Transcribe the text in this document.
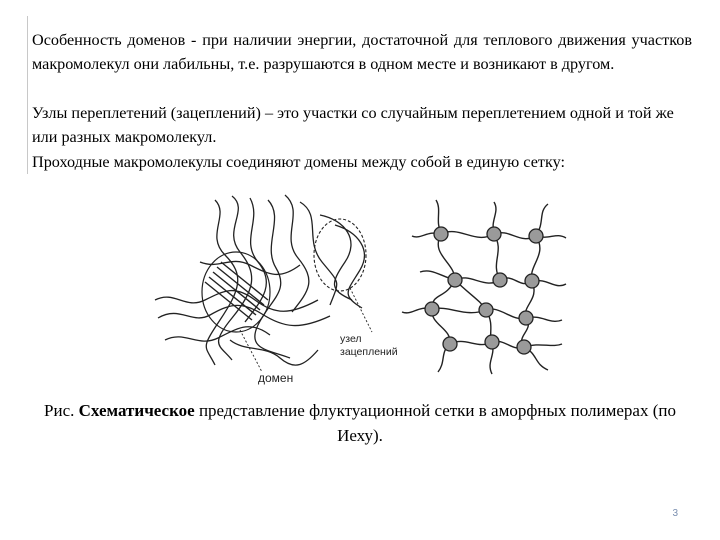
Особенность доменов - при наличии энергии, достаточной для теплового движения участков макромолекул они лабильны, т.е. разрушаются в одном месте и возникают в другом.

Узлы переплетений (зацеплений) – это участки со случайным переплетением одной и той же или разных макромолекул.

Проходные макромолекулы соединяют домены между собой в единую сетку:

узел
зацеплений
домен
Рис. Схематическое представление флуктуационной сетки в аморфных полимерах (по Иеху).
3
